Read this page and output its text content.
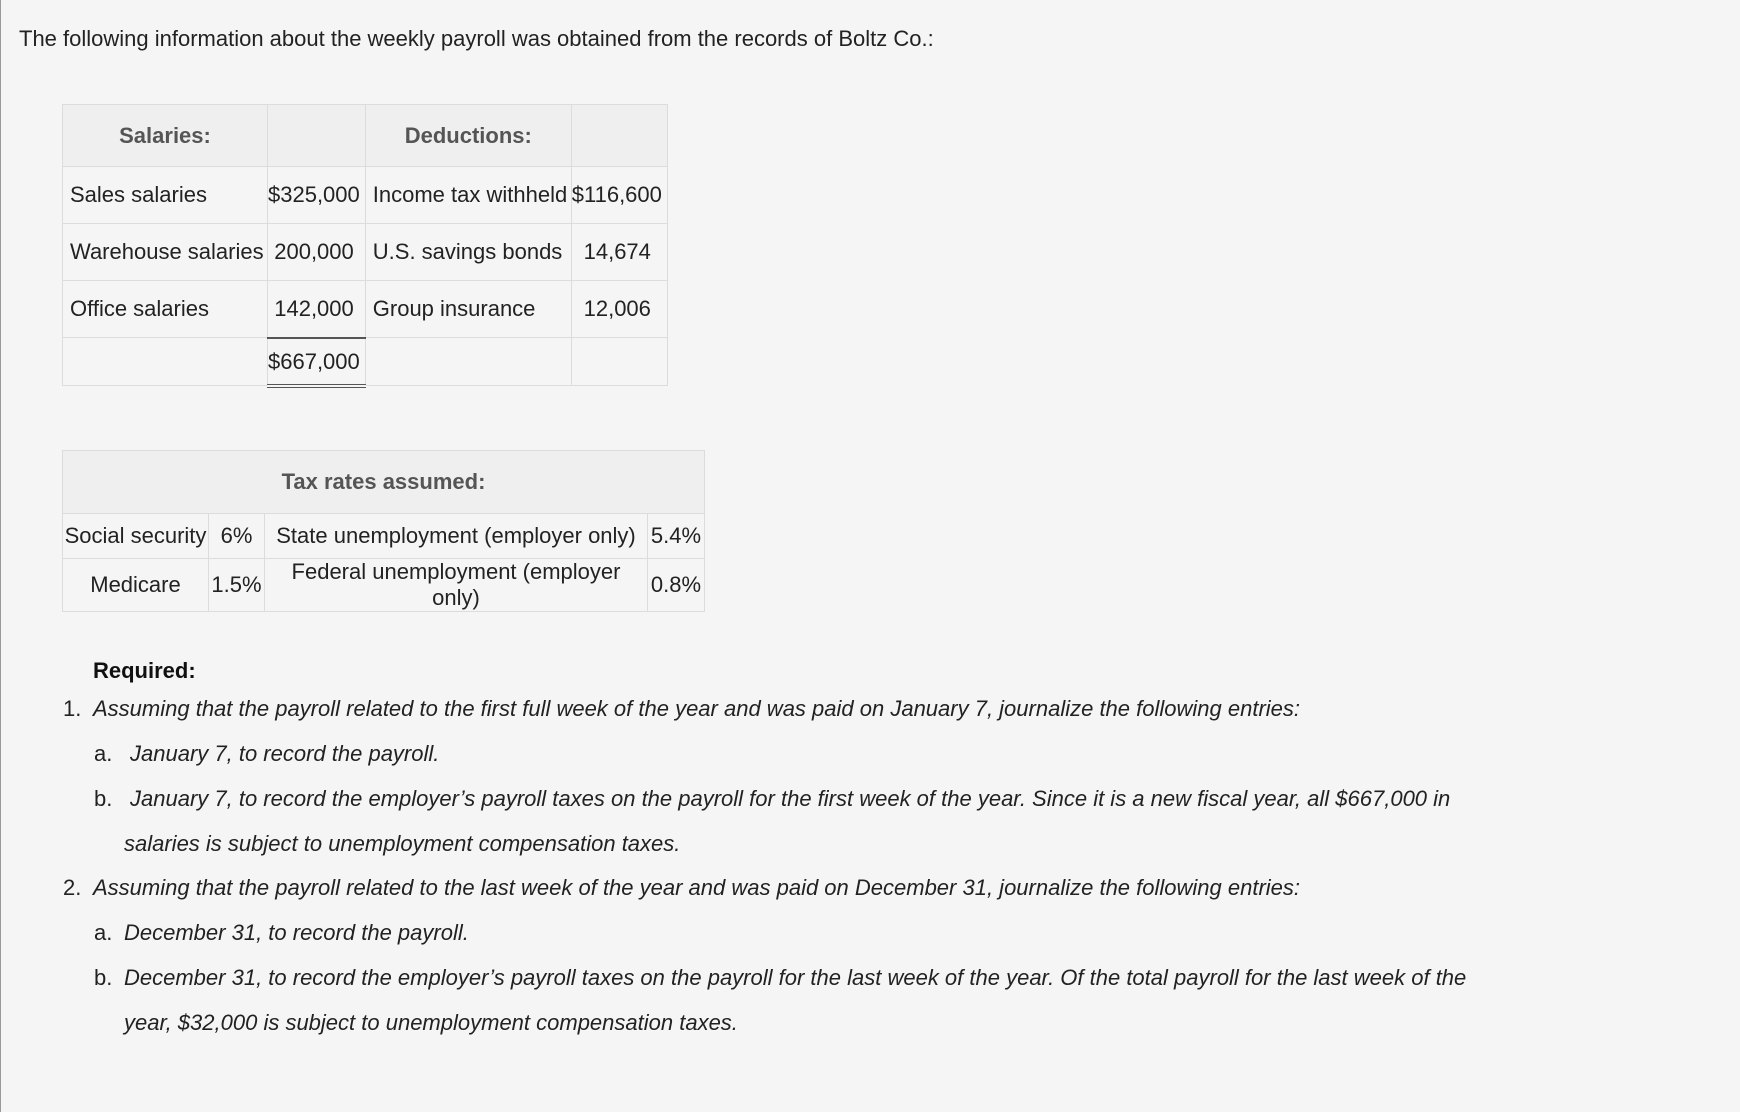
The following information about the weekly payroll was obtained from the records of Boltz Co.:

Salaries:		Deductions:	
Sales salaries	$325,000	Income tax withheld	$116,600
Warehouse salaries	200,000	U.S. savings bonds	14,674
Office salaries	142,000	Group insurance	12,006
	$667,000		
Tax rates assumed:			
Social security	6%	State unemployment (employer only)	5.4%
Medicare	1.5%	Federal unemployment (employer only)	0.8%
Required:
1. Assuming that the payroll related to the first full week of the year and was paid on January 7, journalize the following entries:
a. January 7, to record the payroll.
b. January 7, to record the employer’s payroll taxes on the payroll for the first week of the year. Since it is a new fiscal year, all $667,000 in
salaries is subject to unemployment compensation taxes.
2. Assuming that the payroll related to the last week of the year and was paid on December 31, journalize the following entries:
a. December 31, to record the payroll.
b. December 31, to record the employer’s payroll taxes on the payroll for the last week of the year. Of the total payroll for the last week of the
year, $32,000 is subject to unemployment compensation taxes.
